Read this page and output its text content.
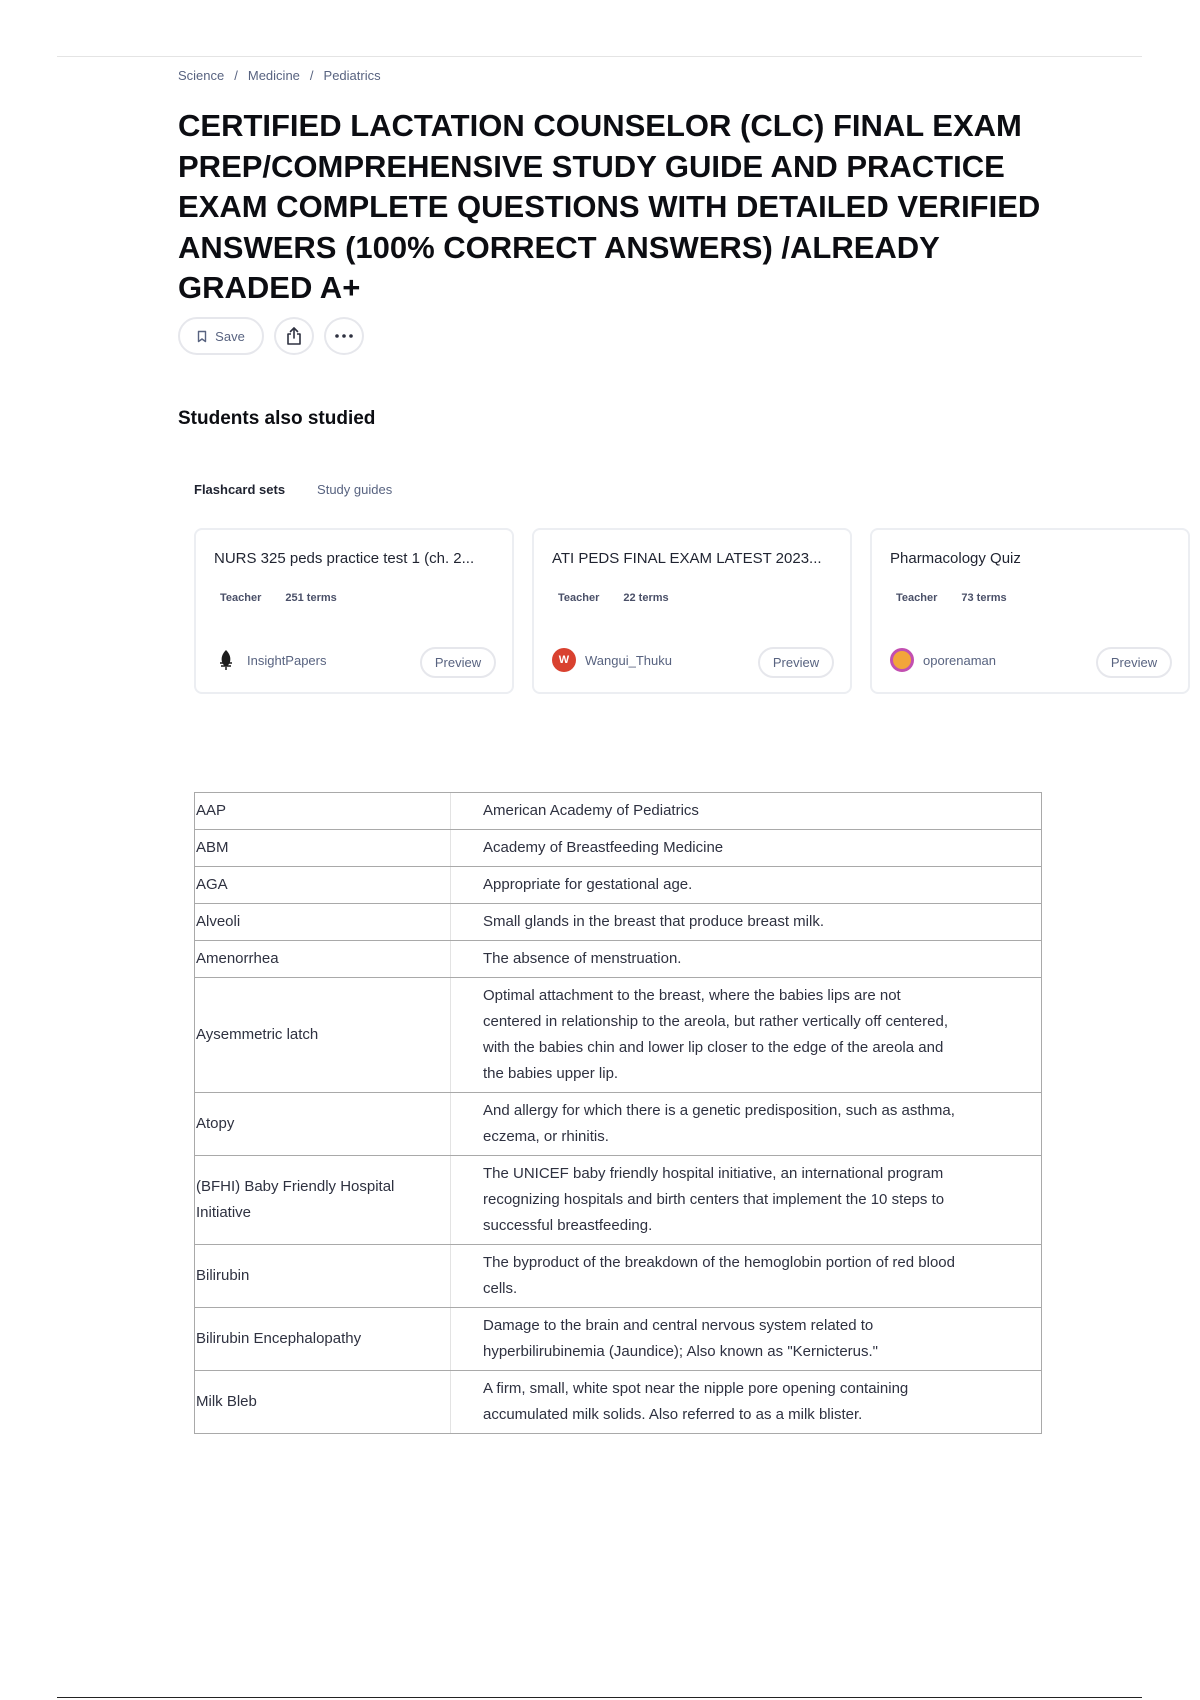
Science / Medicine / Pediatrics
CERTIFIED LACTATION COUNSELOR (CLC) FINAL EXAM PREP/COMPREHENSIVE STUDY GUIDE AND PRACTICE EXAM COMPLETE QUESTIONS WITH DETAILED VERIFIED ANSWERS (100% CORRECT ANSWERS) /ALREADY GRADED A+
Save
Students also studied
Flashcard sets Study guides
NURS 325 peds practice test 1 (ch. 2...
Teacher 251 terms
InsightPapers	Preview
ATI PEDS FINAL EXAM LATEST 2023...
Teacher 22 terms
W	Wangui_Thuku	Preview
Pharmacology Quiz
Teacher 73 terms
oporenaman	Preview
AAP	American Academy of Pediatrics
ABM	Academy of Breastfeeding Medicine
AGA	Appropriate for gestational age.
Alveoli	Small glands in the breast that produce breast milk.
Amenorrhea	The absence of menstruation.
Aysemmetric latch	Optimal attachment to the breast, where the babies lips are not centered in relationship to the areola, but rather vertically off centered, with the babies chin and lower lip closer to the edge of the areola and the babies upper lip.
Atopy	And allergy for which there is a genetic predisposition, such as asthma, eczema, or rhinitis.
(BFHI) Baby Friendly Hospital Initiative	The UNICEF baby friendly hospital initiative, an international program recognizing hospitals and birth centers that implement the 10 steps to successful breastfeeding.
Bilirubin	The byproduct of the breakdown of the hemoglobin portion of red blood cells.
Bilirubin Encephalopathy	Damage to the brain and central nervous system related to hyperbilirubinemia (Jaundice); Also known as "Kernicterus."
Milk Bleb	A firm, small, white spot near the nipple pore opening containing accumulated milk solids. Also referred to as a milk blister.
